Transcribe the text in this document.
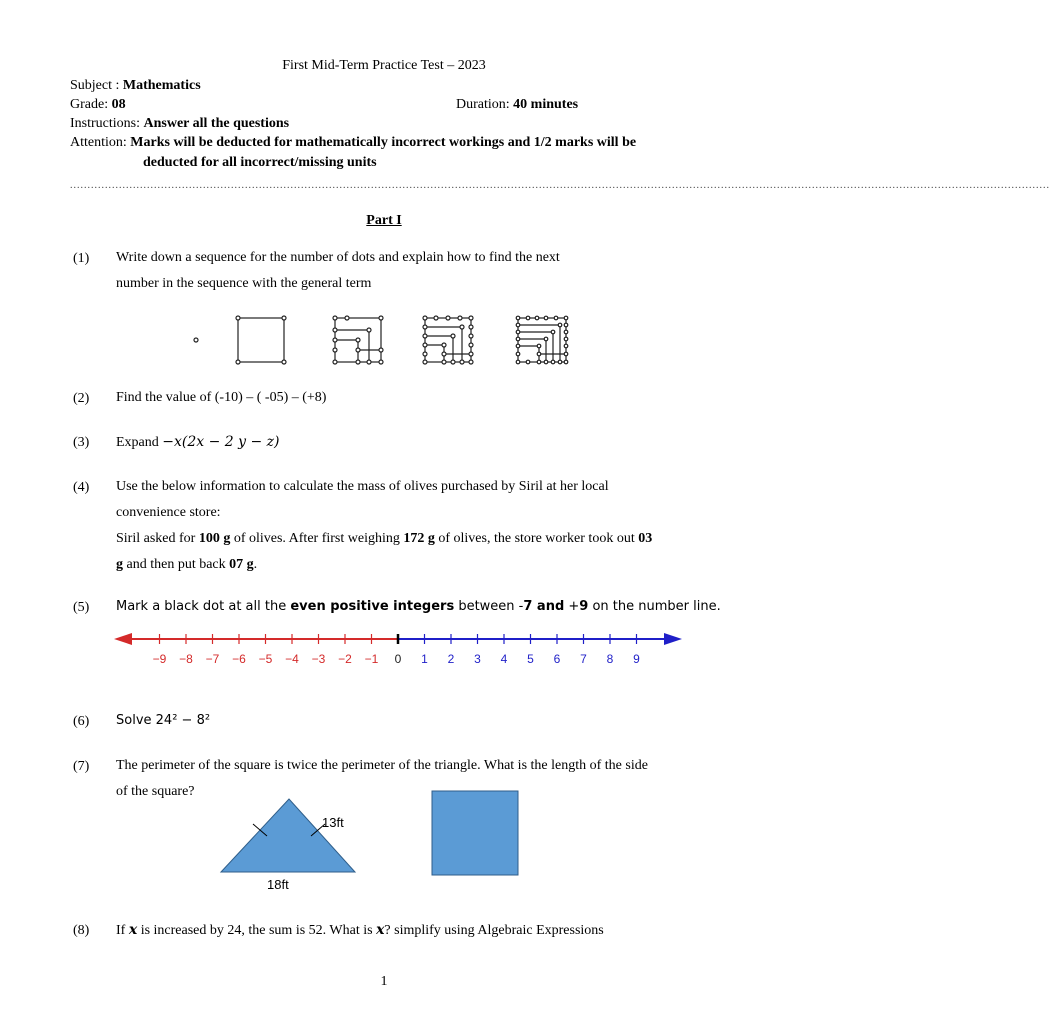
First Mid-Term Practice Test – 2023
Subject : Mathematics
Grade: 08	Duration: 40 minutes
Instructions: Answer all the questions
Attention: Marks will be deducted for mathematically incorrect workings and 1/2 marks will be
deducted for all incorrect/missing units
........................................................................................................................................................................................................................................................................................
Part I
(1) Write down a sequence for the number of dots and explain how to find the next
number in the sequence with the general term
(2) Find the value of (-10) – ( -05) – (+8)
(3) Expand −x(2x − 2 y − z)
(4) Use the below information to calculate the mass of olives purchased by Siril at her local
convenience store:
Siril asked for 100 g of olives. After first weighing 172 g of olives, the store worker took out 03
g and then put back 07 g.
(5) Mark a black dot at all the even positive integers between -7 and +9 on the number line.
0
−9 −8 −7 −6 −5 −4 −3 −2 −1	1 2 3 4 5 6 7 8 9
(6) Solve 24² − 8²
(7) The perimeter of the square is twice the perimeter of the triangle. What is the length of the side
of the square?
13ft
18ft
(8) If x is increased by 24, the sum is 52. What is x? simplify using Algebraic Expressions
1
